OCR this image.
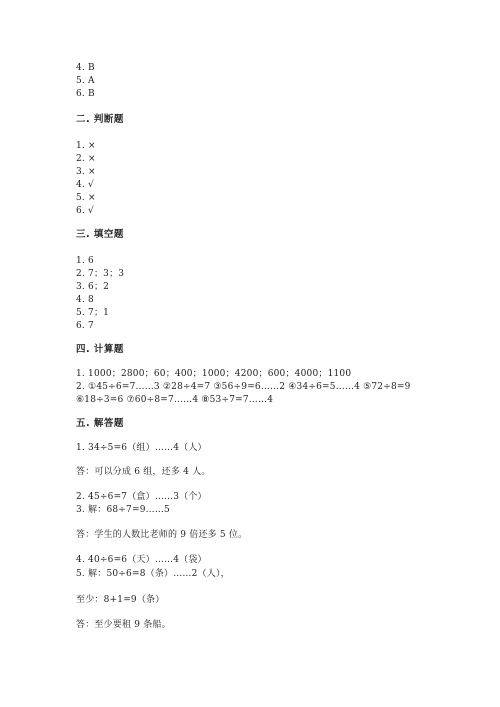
4. B
5. A
6. B
二. 判断题
1. ×
2. ×
3. ×
4. √
5. ×
6. √
三. 填空题
1. 6
2. 7；3；3
3. 6；2
4. 8
5. 7；1
6. 7
四. 计算题
1. 1000；2800；60；400；1000；4200；600；4000；1100
2. ①45÷6=7……3 ②28÷4=7 ③56÷9=6……2 ④34÷6=5……4 ⑤72÷8=9
⑥18÷3=6 ⑦60÷8=7……4 ⑧53÷7=7……4
五. 解答题
1. 34÷5=6（组）……4（人）
答：可以分成 6 组，还多 4 人。
2. 45÷6=7（盒）……3（个）
3. 解：68÷7=9……5
答：学生的人数比老师的 9 倍还多 5 位。
4. 40÷6=6（天）……4（袋）
5. 解：50÷6=8（条）……2（人），
至少：8+1=9（条）
答：至少要租 9 条船。
